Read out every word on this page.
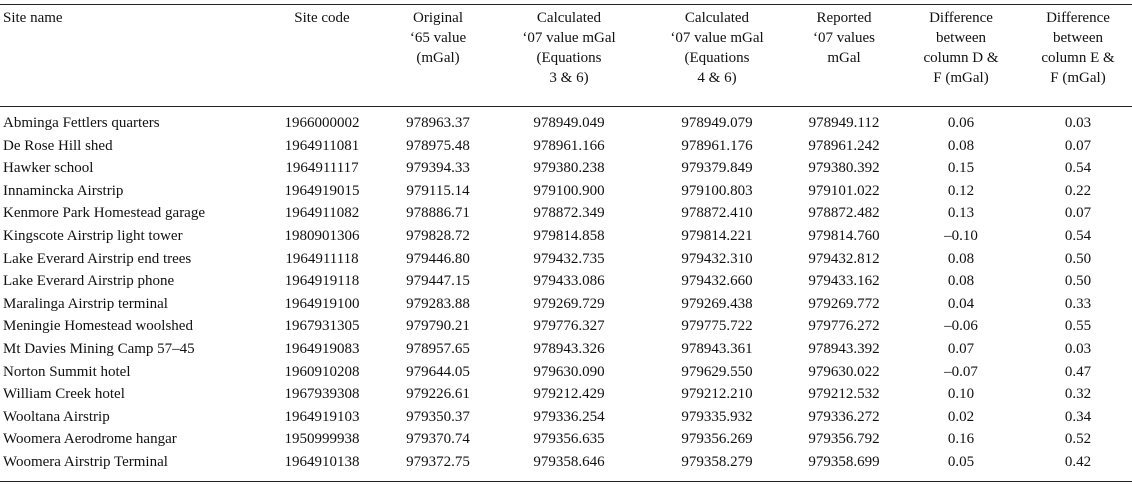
Site name	Site code	Original
‘65 value
(mGal)	Calculated
‘07 value mGal
(Equations
3 & 6)	Calculated
‘07 value mGal
(Equations
4 & 6)	Reported
‘07 values
mGal	Difference
between
column D &
F (mGal)	Difference
between
column E &
F (mGal)
Abminga Fettlers quarters	1966000002	978963.37	978949.049	978949.079	978949.112	0.06	0.03
De Rose Hill shed	1964911081	978975.48	978961.166	978961.176	978961.242	0.08	0.07
Hawker school	1964911117	979394.33	979380.238	979379.849	979380.392	0.15	0.54
Innamincka Airstrip	1964919015	979115.14	979100.900	979100.803	979101.022	0.12	0.22
Kenmore Park Homestead garage	1964911082	978886.71	978872.349	978872.410	978872.482	0.13	0.07
Kingscote Airstrip light tower	1980901306	979828.72	979814.858	979814.221	979814.760	–0.10	0.54
Lake Everard Airstrip end trees	1964911118	979446.80	979432.735	979432.310	979432.812	0.08	0.50
Lake Everard Airstrip phone	1964919118	979447.15	979433.086	979432.660	979433.162	0.08	0.50
Maralinga Airstrip terminal	1964919100	979283.88	979269.729	979269.438	979269.772	0.04	0.33
Meningie Homestead woolshed	1967931305	979790.21	979776.327	979775.722	979776.272	–0.06	0.55
Mt Davies Mining Camp 57–45	1964919083	978957.65	978943.326	978943.361	978943.392	0.07	0.03
Norton Summit hotel	1960910208	979644.05	979630.090	979629.550	979630.022	–0.07	0.47
William Creek hotel	1967939308	979226.61	979212.429	979212.210	979212.532	0.10	0.32
Wooltana Airstrip	1964919103	979350.37	979336.254	979335.932	979336.272	0.02	0.34
Woomera Aerodrome hangar	1950999938	979370.74	979356.635	979356.269	979356.792	0.16	0.52
Woomera Airstrip Terminal	1964910138	979372.75	979358.646	979358.279	979358.699	0.05	0.42
